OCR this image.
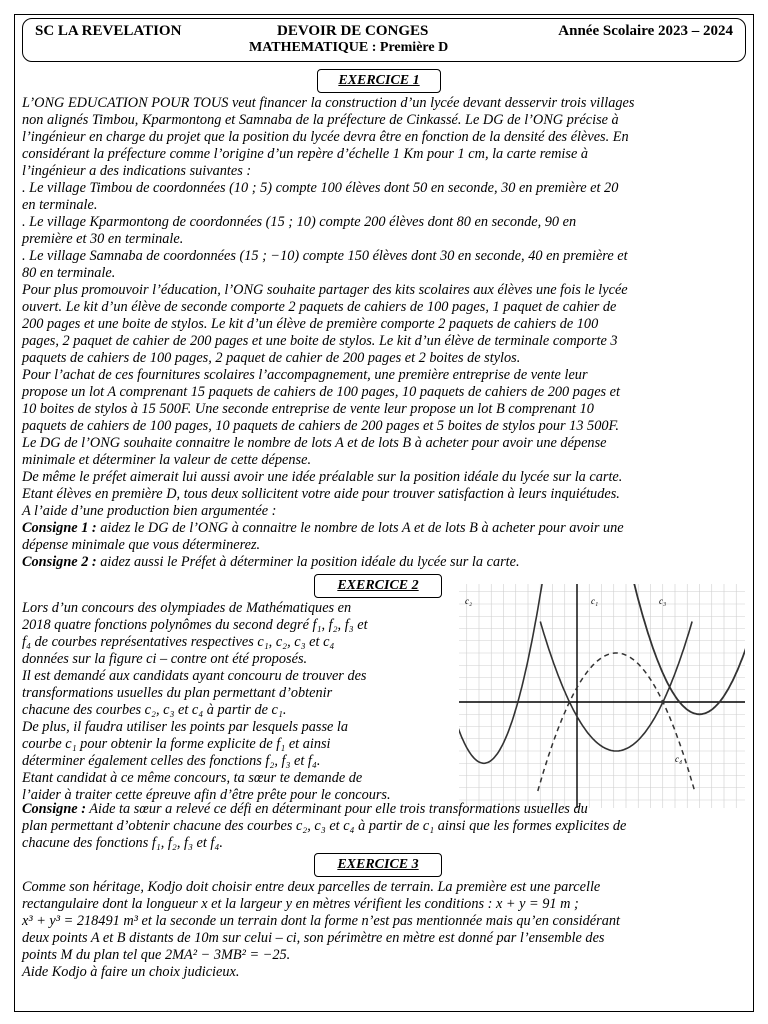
SC LA REVELATION	DEVOIR DE CONGES	Année Scolaire 2023 – 2024
MATHEMATIQUE : Première D
EXERCICE 1

L’ONG EDUCATION POUR TOUS veut financer la construction d’un lycée devant desservir trois villages

non alignés Timbou, Kparmontong et Samnaba de la préfecture de Cinkassé. Le DG de l’ONG précise à

l’ingénieur en charge du projet que la position du lycée devra être en fonction de la densité des élèves. En

considérant la préfecture comme l’origine d’un repère d’échelle 1 Km pour 1 cm, la carte remise à

l’ingénieur a des indications suivantes :

. Le village Timbou de coordonnées (10 ; 5) compte 100 élèves dont 50 en seconde, 30 en première et 20

en terminale.

. Le village Kparmontong de coordonnées (15 ; 10) compte 200 élèves dont 80 en seconde, 90 en

première et 30 en terminale.

. Le village Samnaba de coordonnées (15 ; −10) compte 150 élèves dont 30 en seconde, 40 en première et

80 en terminale.

Pour plus promouvoir l’éducation, l’ONG souhaite partager des kits scolaires aux élèves une fois le lycée

ouvert. Le kit d’un élève de seconde comporte 2 paquets de cahiers de 100 pages, 1 paquet de cahier de

200 pages et une boite de stylos. Le kit d’un élève de première comporte 2 paquets de cahiers de 100

pages, 2 paquet de cahier de 200 pages et une boite de stylos. Le kit d’un élève de terminale comporte 3

paquets de cahiers de 100 pages, 2 paquet de cahier de 200 pages et 2 boites de stylos.

Pour l’achat de ces fournitures scolaires l’accompagnement, une première entreprise de vente leur

propose un lot A comprenant 15 paquets de cahiers de 100 pages, 10 paquets de cahiers de 200 pages et

10 boites de stylos à 15 500F. Une seconde entreprise de vente leur propose un lot B comprenant 10

paquets de cahiers de 100 pages, 10 paquets de cahiers de 200 pages et 5 boites de stylos pour 13 500F.

Le DG de l’ONG souhaite connaitre le nombre de lots A et de lots B à acheter pour avoir une dépense

minimale et déterminer la valeur de cette dépense.

De même le préfet aimerait lui aussi avoir une idée préalable sur la position idéale du lycée sur la carte.

Etant élèves en première D, tous deux sollicitent votre aide pour trouver satisfaction à leurs inquiétudes.

A l’aide d’une production bien argumentée :

Consigne 1 : aidez le DG de l’ONG à connaitre le nombre de lots A et de lots B à acheter pour avoir une

dépense minimale que vous déterminerez.

Consigne 2 : aidez aussi le Préfet à déterminer la position idéale du lycée sur la carte.

EXERCICE 2

Lors d’un concours des olympiades de Mathématiques en

2018 quatre fonctions polynômes du second degré f₁, f₂, f₃ et

f₄ de courbes représentatives respectives c₁, c₂, c₃ et c₄

données sur la figure ci – contre ont été proposés.

Il est demandé aux candidats ayant concouru de trouver des

transformations usuelles du plan permettant d’obtenir

chacune des courbes c₂, c₃ et c₄ à partir de c₁.

De plus, il faudra utiliser les points par lesquels passe la

courbe c₁ pour obtenir la forme explicite de f₁ et ainsi

déterminer également celles des fonctions f₂, f₃ et f₄.

Etant candidat à ce même concours, ta sœur te demande de

l’aider à traiter cette épreuve afin d’être prête pour le concours.

c₂	c₁	c₃
c₄

Consigne : Aide ta sœur a relevé ce défi en déterminant pour elle trois transformations usuelles du

plan permettant d’obtenir chacune des courbes c₂, c₃ et c₄ à partir de c₁ ainsi que les formes explicites de

chacune des fonctions f₁, f₂, f₃ et f₄.

EXERCICE 3

Comme son héritage, Kodjo doit choisir entre deux parcelles de terrain. La première est une parcelle

rectangulaire dont la longueur x et la largeur y en mètres vérifient les conditions : x + y = 91 m ;

x³ + y³ = 218491 m³ et la seconde un terrain dont la forme n’est pas mentionnée mais qu’en considérant

deux points A et B distants de 10m sur celui – ci, son périmètre en mètre est donné par l’ensemble des

points M du plan tel que 2MA² − 3MB² = −25.

Aide Kodjo à faire un choix judicieux.
